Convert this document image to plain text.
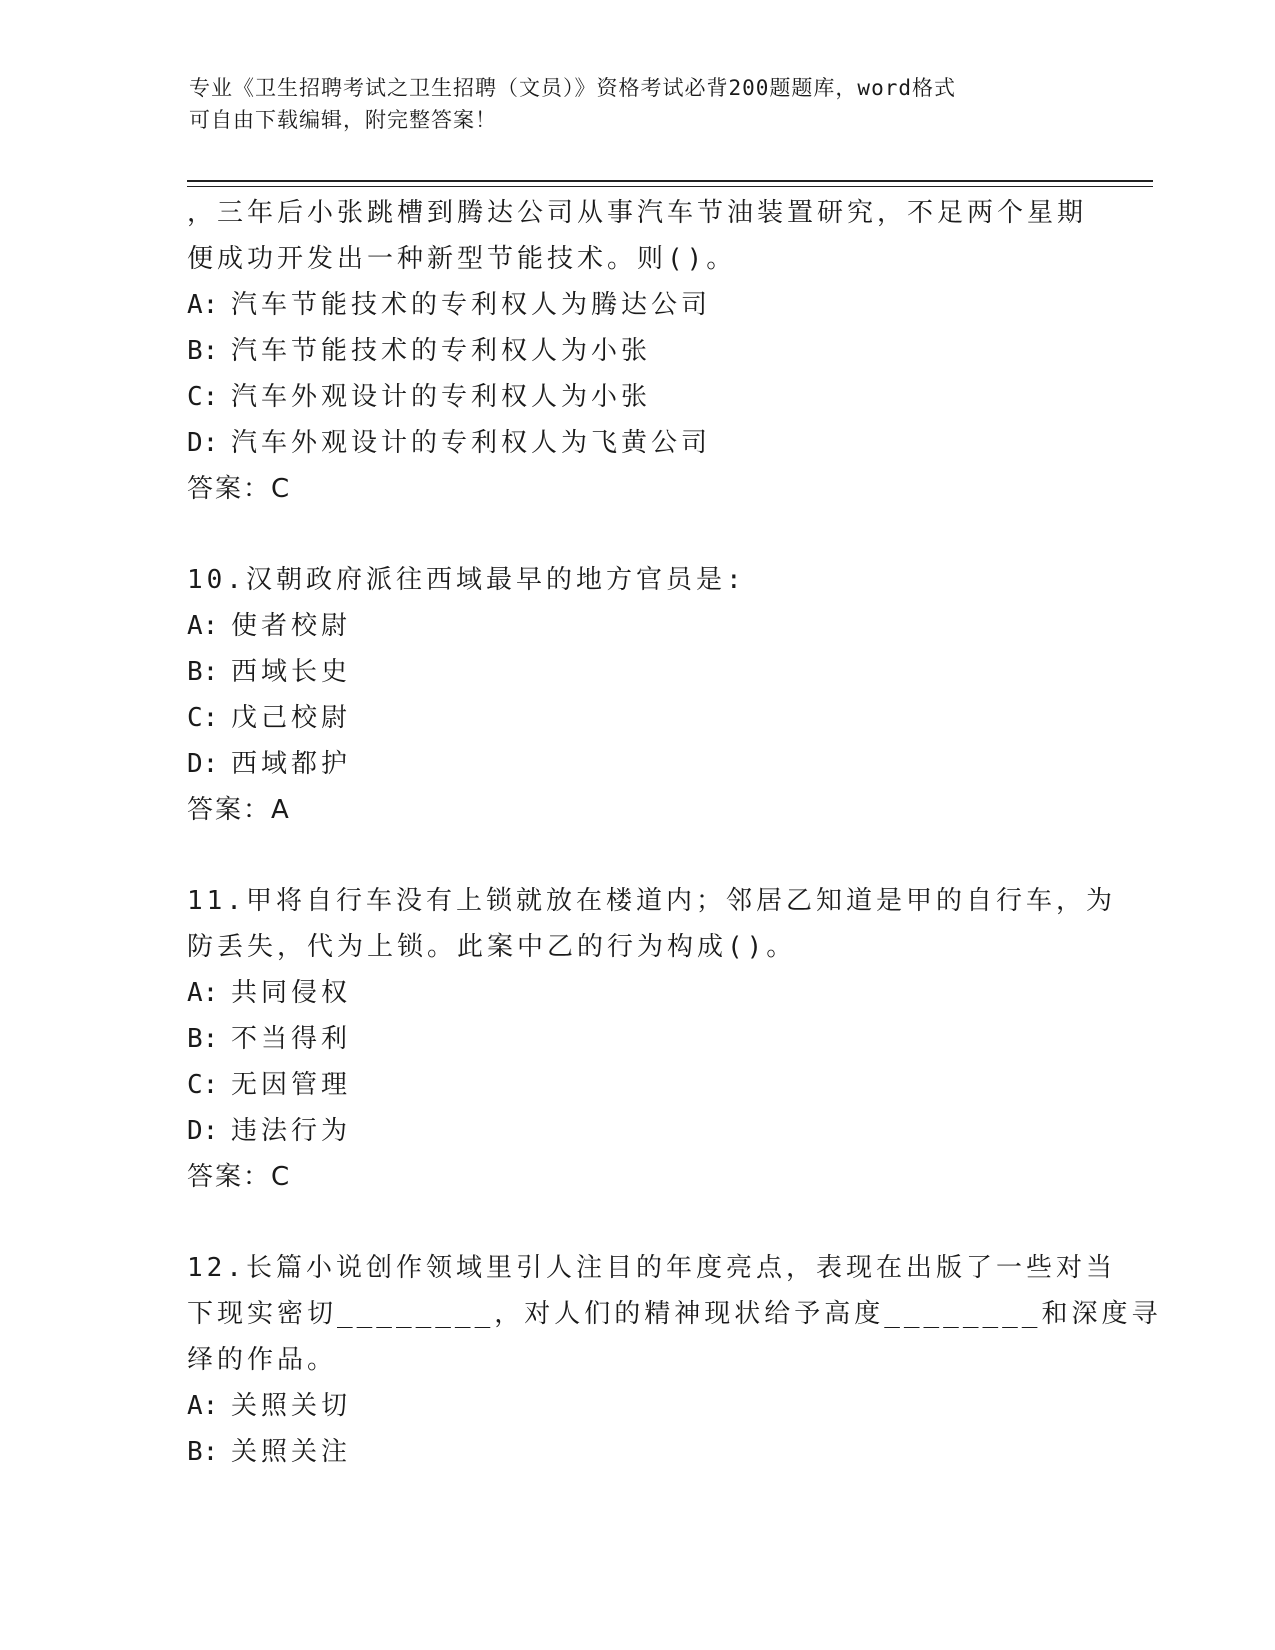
专业《卫生招聘考试之卫生招聘（文员）》资格考试必背200题题库，word格式
可自由下载编辑，附完整答案！
，三年后小张跳槽到腾达公司从事汽车节油装置研究，不足两个星期
便成功开发出一种新型节能技术。则()。
A: 汽车节能技术的专利权人为腾达公司
B: 汽车节能技术的专利权人为小张
C: 汽车外观设计的专利权人为小张
D: 汽车外观设计的专利权人为飞黄公司
答案：C
10.汉朝政府派往西域最早的地方官员是:
A: 使者校尉
B: 西域长史
C: 戊己校尉
D: 西域都护
答案：A
11.甲将自行车没有上锁就放在楼道内；邻居乙知道是甲的自行车，为
防丢失，代为上锁。此案中乙的行为构成()。
A: 共同侵权
B: 不当得利
C: 无因管理
D: 违法行为
答案：C
12.长篇小说创作领域里引人注目的年度亮点，表现在出版了一些对当
下现实密切________，对人们的精神现状给予高度________和深度寻
绎的作品。
A: 关照关切
B: 关照关注
